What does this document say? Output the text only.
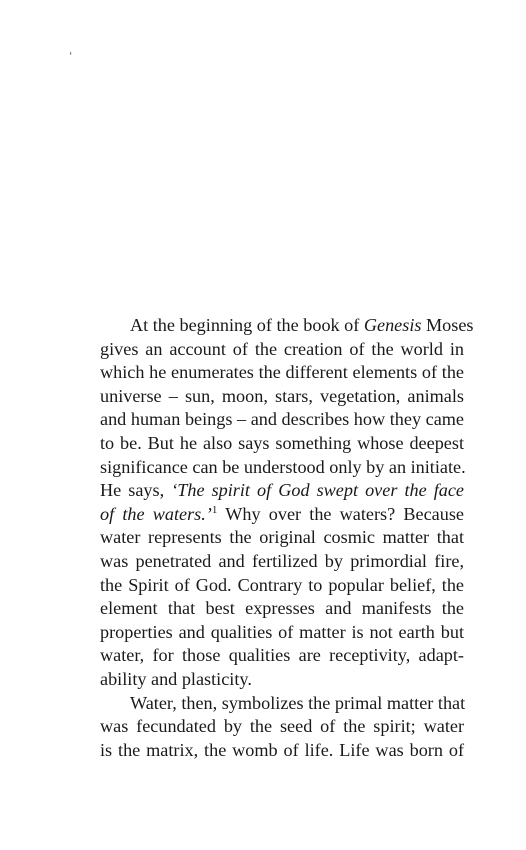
‘
At the beginning of the book of Genesis Moses
gives an account of the creation of the world in
which he enumerates the different elements of the
universe – sun, moon, stars, vegetation, animals
and human beings – and describes how they came
to be. But he also says something whose deepest
significance can be understood only by an initiate.
He says, ‘The spirit of God swept over the face
of the waters.’$^1$ Why over the waters? Because
water represents the original cosmic matter that
was penetrated and fertilized by primordial fire,
the Spirit of God. Contrary to popular belief, the
element that best expresses and manifests the
properties and qualities of matter is not earth but
water, for those qualities are receptivity, adapt-
ability and plasticity.
Water, then, symbolizes the primal matter that
was fecundated by the seed of the spirit; water
is the matrix, the womb of life. Life was born of
